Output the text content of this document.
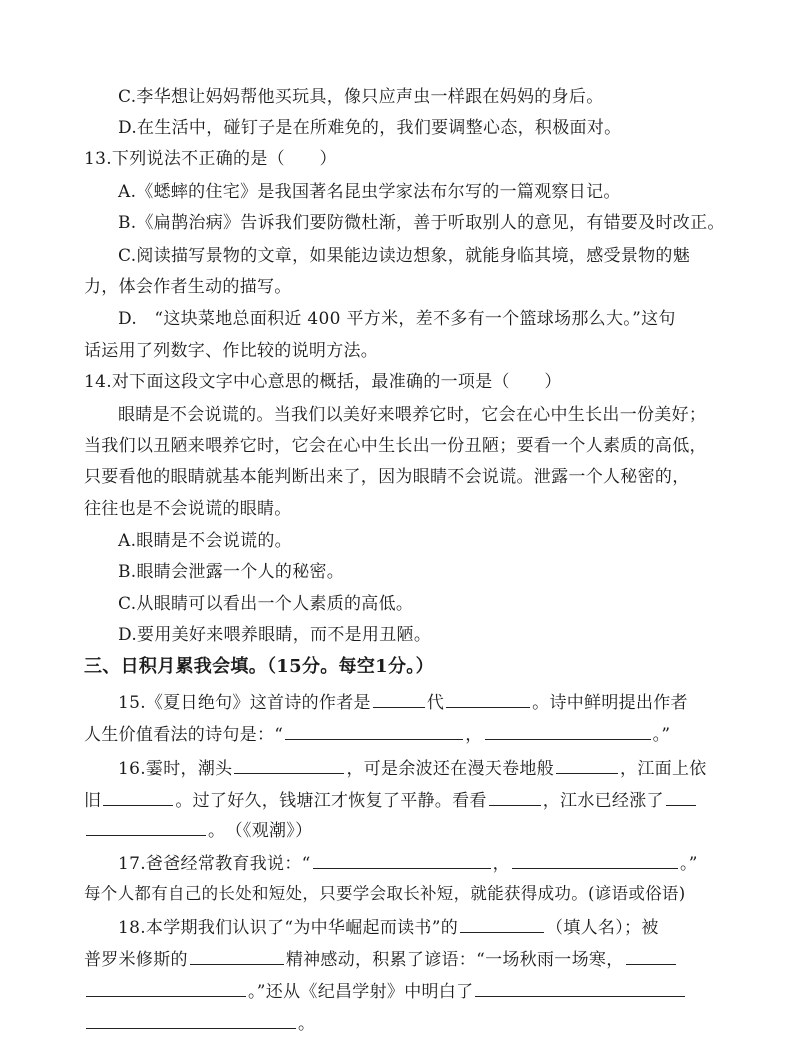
C.李华想让妈妈帮他买玩具，像只应声虫一样跟在妈妈的身后。
D.在生活中，碰钉子是在所难免的，我们要调整心态，积极面对。
13.下列说法不正确的是（　　）
A.《蟋蟀的住宅》是我国著名昆虫学家法布尔写的一篇观察日记。
B.《扁鹊治病》告诉我们要防微杜渐，善于听取别人的意见，有错要及时改正。
C.阅读描写景物的文章，如果能边读边想象，就能身临其境，感受景物的魅
力，体会作者生动的描写。
D.　“这块菜地总面积近 400 平方米，差不多有一个篮球场那么大。”这句
话运用了列数字、作比较的说明方法。
14.对下面这段文字中心意思的概括，最准确的一项是（　　）
眼睛是不会说谎的。当我们以美好来喂养它时，它会在心中生长出一份美好；
当我们以丑陋来喂养它时，它会在心中生长出一份丑陋；要看一个人素质的高低，
只要看他的眼睛就基本能判断出来了，因为眼睛不会说谎。泄露一个人秘密的，
往往也是不会说谎的眼睛。
A.眼睛是不会说谎的。
B.眼睛会泄露一个人的秘密。
C.从眼睛可以看出一个人素质的高低。
D.要用美好来喂养眼睛，而不是用丑陋。
三、日积月累我会填。（15分。每空1分。）
15.《夏日绝句》这首诗的作者是	代	。诗中鲜明提出作者
人生价值看法的诗句是：“	，	。”
16.霎时，潮头	，可是余波还在漫天卷地般	，江面上依
旧	。过了好久，钱塘江才恢复了平静。看看	，江水已经涨了
。　（《观潮》）
17.爸爸经常教育我说：“	，	。”
每个人都有自己的长处和短处，只要学会取长补短，就能获得成功。(谚语或俗语)
18.本学期我们认识了“为中华崛起而读书”的	（填人名）；被
普罗米修斯的	精神感动，积累了谚语：“一场秋雨一场寒，
。”还从《纪昌学射》中明白了
。
